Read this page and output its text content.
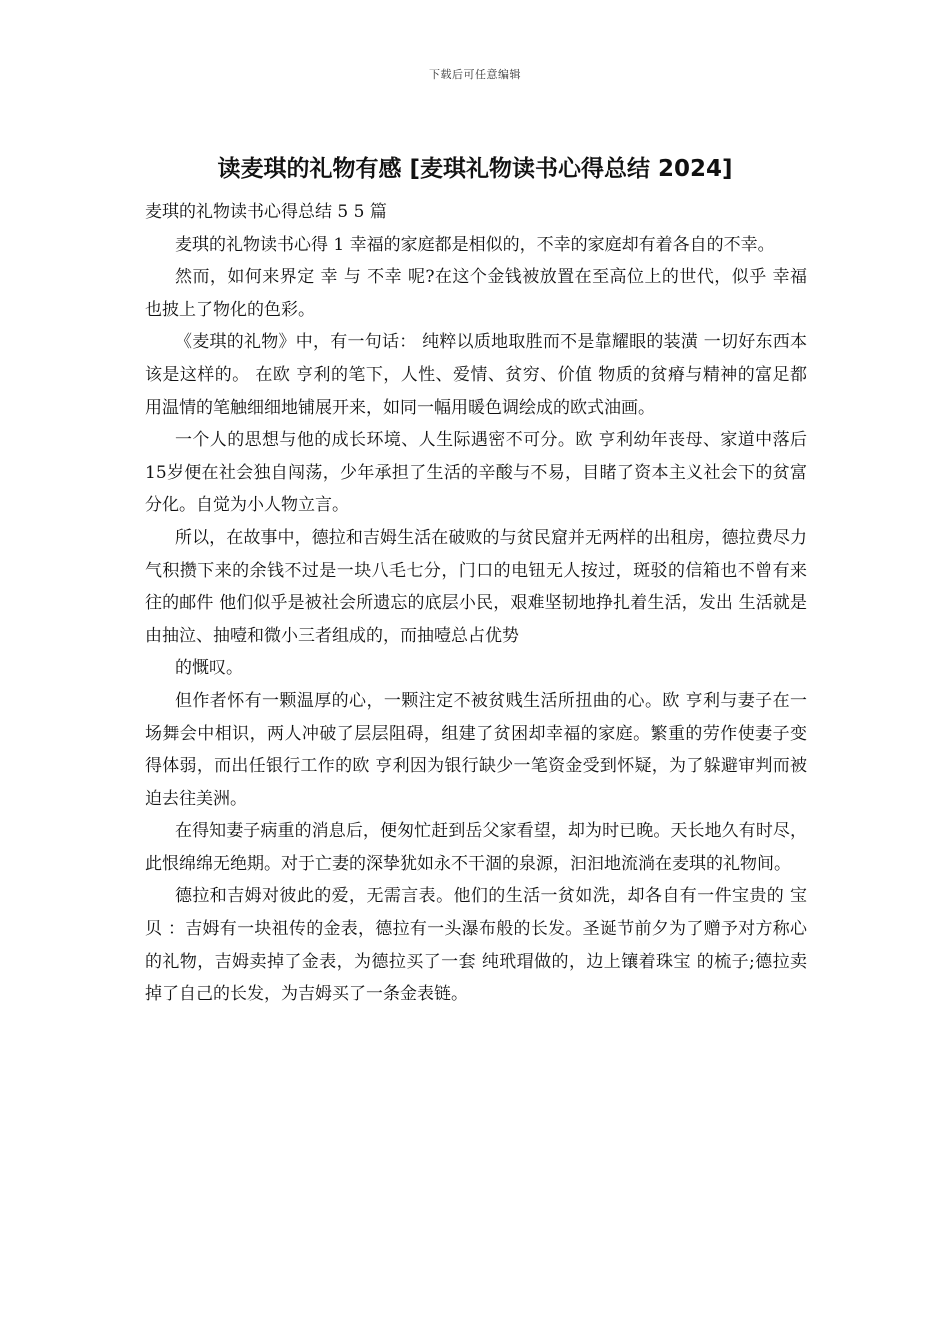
下载后可任意编辑
读麦琪的礼物有感 [麦琪礼物读书心得总结 2024]

麦琪的礼物读书心得总结 5 5 篇

麦琪的礼物读书心得 1 幸福的家庭都是相似的，不幸的家庭却有着各自的不幸。

然而，如何来界定 幸 与 不幸 呢?在这个金钱被放置在至高位上的世代，似乎 幸福 也披上了物化的色彩。

《麦琪的礼物》中，有一句话： 纯粹以质地取胜而不是靠耀眼的装潢 一切好东西本该是这样的。 在欧 亨利的笔下，人性、爱情、贫穷、价值 物质的贫瘠与精神的富足都用温情的笔触细细地铺展开来，如同一幅用暖色调绘成的欧式油画。

一个人的思想与他的成长环境、人生际遇密不可分。欧 亨利幼年丧母、家道中落后15岁便在社会独自闯荡，少年承担了生活的辛酸与不易，目睹了资本主义社会下的贫富分化。自觉为小人物立言。

所以，在故事中，德拉和吉姆生活在破败的与贫民窟并无两样的出租房，德拉费尽力气积攒下来的余钱不过是一块八毛七分，门口的电钮无人按过，斑驳的信箱也不曾有来往的邮件 他们似乎是被社会所遗忘的底层小民，艰难坚韧地挣扎着生活，发出 生活就是由抽泣、抽噎和微小三者组成的，而抽噎总占优势

的慨叹。

但作者怀有一颗温厚的心，一颗注定不被贫贱生活所扭曲的心。欧 亨利与妻子在一场舞会中相识，两人冲破了层层阻碍，组建了贫困却幸福的家庭。繁重的劳作使妻子变得体弱，而出任银行工作的欧 亨利因为银行缺少一笔资金受到怀疑，为了躲避审判而被迫去往美洲。

在得知妻子病重的消息后，便匆忙赶到岳父家看望，却为时已晚。天长地久有时尽，此恨绵绵无绝期。对于亡妻的深挚犹如永不干涸的泉源，汩汩地流淌在麦琪的礼物间。

德拉和吉姆对彼此的爱，无需言表。他们的生活一贫如洗，却各自有一件宝贵的 宝贝 ：吉姆有一块祖传的金表，德拉有一头瀑布般的长发。圣诞节前夕为了赠予对方称心的礼物，吉姆卖掉了金表，为德拉买了一套 纯玳瑁做的，边上镶着珠宝 的梳子;德拉卖掉了自己的长发，为吉姆买了一条金表链。
